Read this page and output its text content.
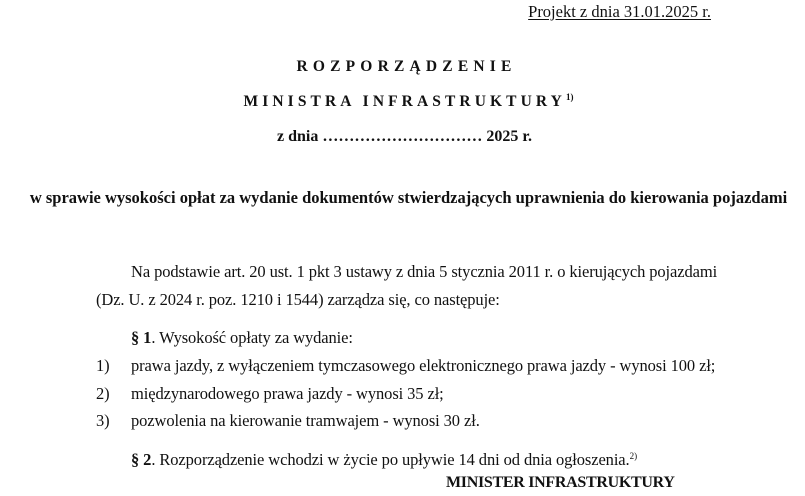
Projekt z dnia 31.01.2025 r.
ROZPORZĄDZENIE
MINISTRA INFRASTRUKTURY$^{1)}$
z dnia ………………………… 2025 r.
w sprawie wysokości opłat za wydanie dokumentów stwierdzających uprawnienia do kierowania pojazdami
Na podstawie art. 20 ust. 1 pkt 3 ustawy z dnia 5 stycznia 2011 r. o kierujących pojazdami
(Dz. U. z 2024 r. poz. 1210 i 1544) zarządza się, co następuje:
§ 1. Wysokość opłaty za wydanie:
1) prawa jazdy, z wyłączeniem tymczasowego elektronicznego prawa jazdy - wynosi 100 zł;
2) międzynarodowego prawa jazdy - wynosi 35 zł;
3) pozwolenia na kierowanie tramwajem - wynosi 30 zł.
§ 2. Rozporządzenie wchodzi w życie po upływie 14 dni od dnia ogłoszenia.$^{2)}$
MINISTER INFRASTRUKTURY
